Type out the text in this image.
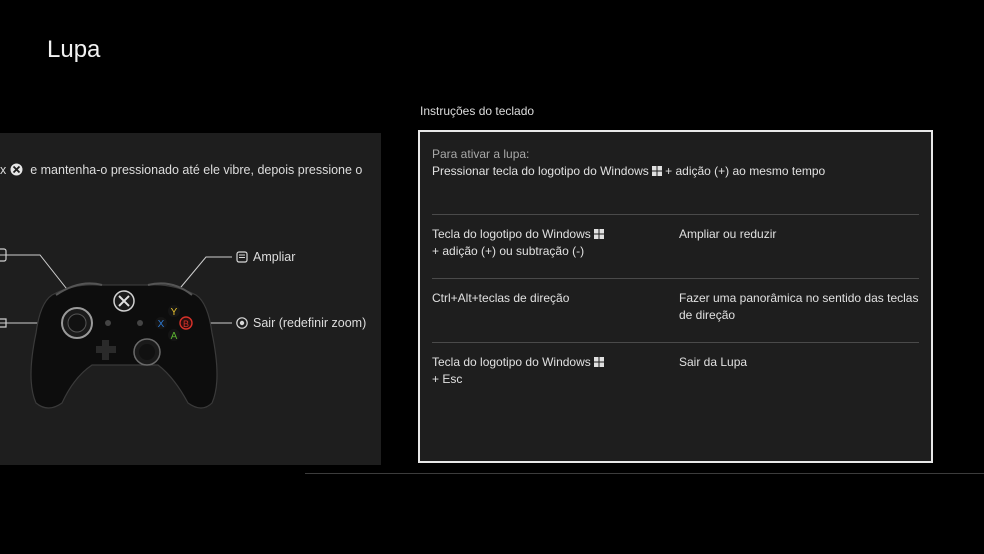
Lupa
Y
X B
A
x e mantenha-o pressionado até ele vibre, depois pressione o
Ampliar
Sair (redefinir zoom)
Instruções do teclado
Para ativar a lupa:
Pressionar tecla do logotipo do Windows + adição (+) ao mesmo tempo
Tecla do logotipo do Windows
+ adição (+) ou subtração (-)
Ampliar ou reduzir
Ctrl+Alt+teclas de direção	Fazer uma panorâmica no sentido das teclas
de direção
Tecla do logotipo do Windows
+ Esc
Sair da Lupa
